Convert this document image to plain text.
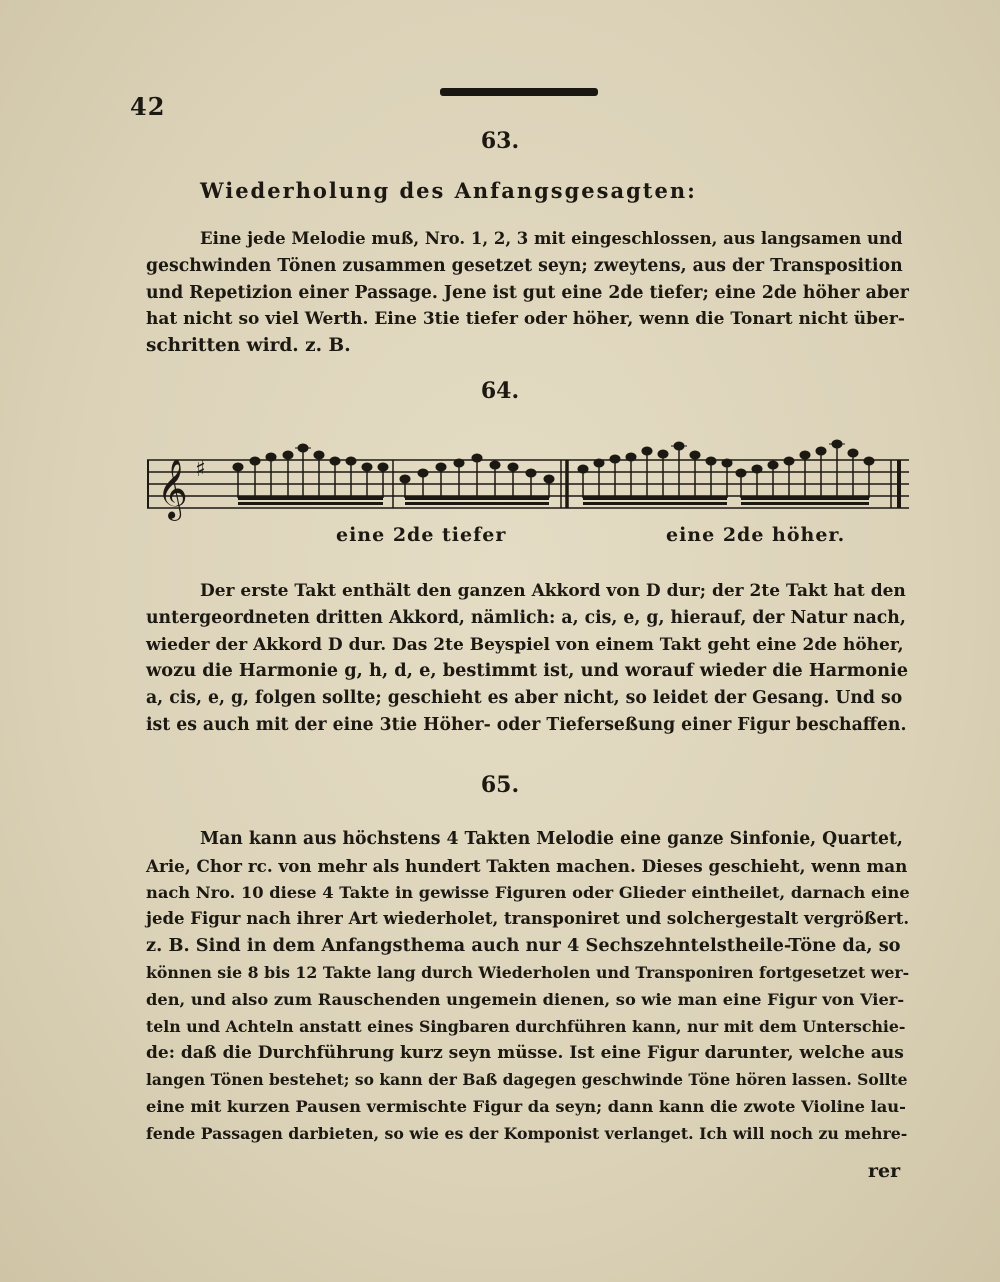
42
63.
Wiederholung des Anfangsgesagten:

Eine jede Melodie muß, Nro. 1, 2, 3 mit eingeschlossen, aus langsamen und
geschwinden Tönen zusammen gesetzet seyn; zweytens, aus der Transposition
und Repetizion einer Passage. Jene ist gut eine 2de tiefer; eine 2de höher aber
hat nicht so viel Werth. Eine 3tie tiefer oder höher, wenn die Tonart nicht über-
schritten wird. z. B.

64.
𝄞 ♯
eine 2de tiefer	eine 2de höher.

Der erste Takt enthält den ganzen Akkord von D dur; der 2te Takt hat den
untergeordneten dritten Akkord, nämlich: a, cis, e, g, hierauf, der Natur nach,
wieder der Akkord D dur. Das 2te Beyspiel von einem Takt geht eine 2de höher,
wozu die Harmonie g, h, d, e, bestimmt ist, und worauf wieder die Harmonie
a, cis, e, g, folgen sollte; geschieht es aber nicht, so leidet der Gesang. Und so
ist es auch mit der eine 3tie Höher- oder Tieferseßung einer Figur beschaffen.

65.

Man kann aus höchstens 4 Takten Melodie eine ganze Sinfonie, Quartet,
Arie, Chor rc. von mehr als hundert Takten machen. Dieses geschieht, wenn man
nach Nro. 10 diese 4 Takte in gewisse Figuren oder Glieder eintheilet, darnach eine
jede Figur nach ihrer Art wiederholet, transponiret und solchergestalt vergrößert.
z. B. Sind in dem Anfangsthema auch nur 4 Sechszehntelstheile-Töne da, so
können sie 8 bis 12 Takte lang durch Wiederholen und Transponiren fortgesetzet wer-
den, und also zum Rauschenden ungemein dienen, so wie man eine Figur von Vier-
teln und Achteln anstatt eines Singbaren durchführen kann, nur mit dem Unterschie-
de: daß die Durchführung kurz seyn müsse. Ist eine Figur darunter, welche aus
langen Tönen bestehet; so kann der Baß dagegen geschwinde Töne hören lassen. Sollte
eine mit kurzen Pausen vermischte Figur da seyn; dann kann die zwote Violine lau-
fende Passagen darbieten, so wie es der Komponist verlanget. Ich will noch zu mehre-

rer
